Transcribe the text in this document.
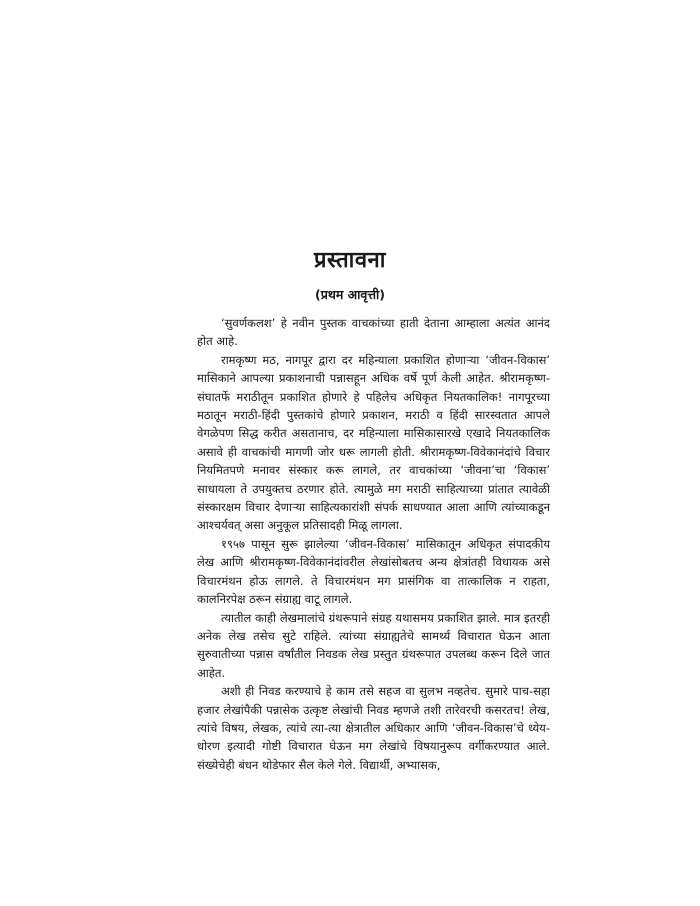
प्रस्तावना
(प्रथम आवृत्ती)

‘सुवर्णकलश’ हे नवीन पुस्तक वाचकांच्या हाती देताना आम्हाला अत्यंत आनंद होत आहे.

रामकृष्ण मठ, नागपूर द्वारा दर महिन्याला प्रकाशित होणाऱ्या ‘जीवन-विकास’ मासिकाने आपल्या प्रकाशनाची पन्नासहून अधिक वर्षे पूर्ण केली आहेत. श्रीरामकृष्ण-संघातर्फे मराठीतून प्रकाशित होणारे हे पहिलेच अधिकृत नियतकालिक! नागपूरच्या मठातून मराठी-हिंदी पुस्तकांचे होणारे प्रकाशन, मराठी व हिंदी सारस्वतात आपले वेगळेपण सिद्ध करीत असतानाच, दर महिन्याला मासिकासारखे एखादे नियतकालिक असावे ही वाचकांची मागणी जोर धरू लागली होती. श्रीरामकृष्ण-विवेकानंदांचे विचार नियमितपणे मनावर संस्कार करू लागले, तर वाचकांच्या ‘जीवना’चा ‘विकास’ साधायला ते उपयुक्तच ठरणार होते. त्यामुळे मग मराठी साहित्याच्या प्रांतात त्यावेळी संस्कारक्षम विचार देणाऱ्या साहित्यकारांशी संपर्क साधण्यात आला आणि त्यांच्याकडून आश्चर्यवत् असा अनुकूल प्रतिसादही मिळू लागला.

१९५७ पासून सुरू झालेल्या ‘जीवन-विकास’ मासिकातून अधिकृत संपादकीय लेख आणि श्रीरामकृष्ण-विवेकानंदांवरील लेखांसोबतच अन्य क्षेत्रांतही विधायक असे विचारमंथन होऊ लागले. ते विचारमंथन मग प्रासंगिक वा तात्कालिक न राहता, कालनिरपेक्ष ठरून संग्राह्य वाटू लागले.

त्यातील काही लेखमालांचे ग्रंथरूपाने संग्रह यथासमय प्रकाशित झाले. मात्र इतरही अनेक लेख तसेच सुटे राहिले. त्यांच्या संग्राह्यतेचे सामर्थ्य विचारात घेऊन आता सुरुवातीच्या पन्नास वर्षांतील निवडक लेख प्रस्तुत ग्रंथरूपात उपलब्ध करून दिले जात आहेत.

अशी ही निवड करण्याचे हे काम तसे सहज वा सुलभ नव्हतेच. सुमारे पाच-सहा हजार लेखांपैकी पन्नासेक उत्कृष्ट लेखांची निवड म्हणजे तशी तारेवरची कसरतच! लेख, त्यांचे विषय, लेखक, त्यांचे त्या-त्या क्षेत्रातील अधिकार आणि ‘जीवन-विकास’चे ध्येय-धोरण इत्यादी गोष्टी विचारात घेऊन मग लेखांचे विषयानुरूप वर्गीकरण्यात आले. संख्येचेही बंधन थोडेफार सैल केले गेले. विद्यार्थी, अभ्यासक,
